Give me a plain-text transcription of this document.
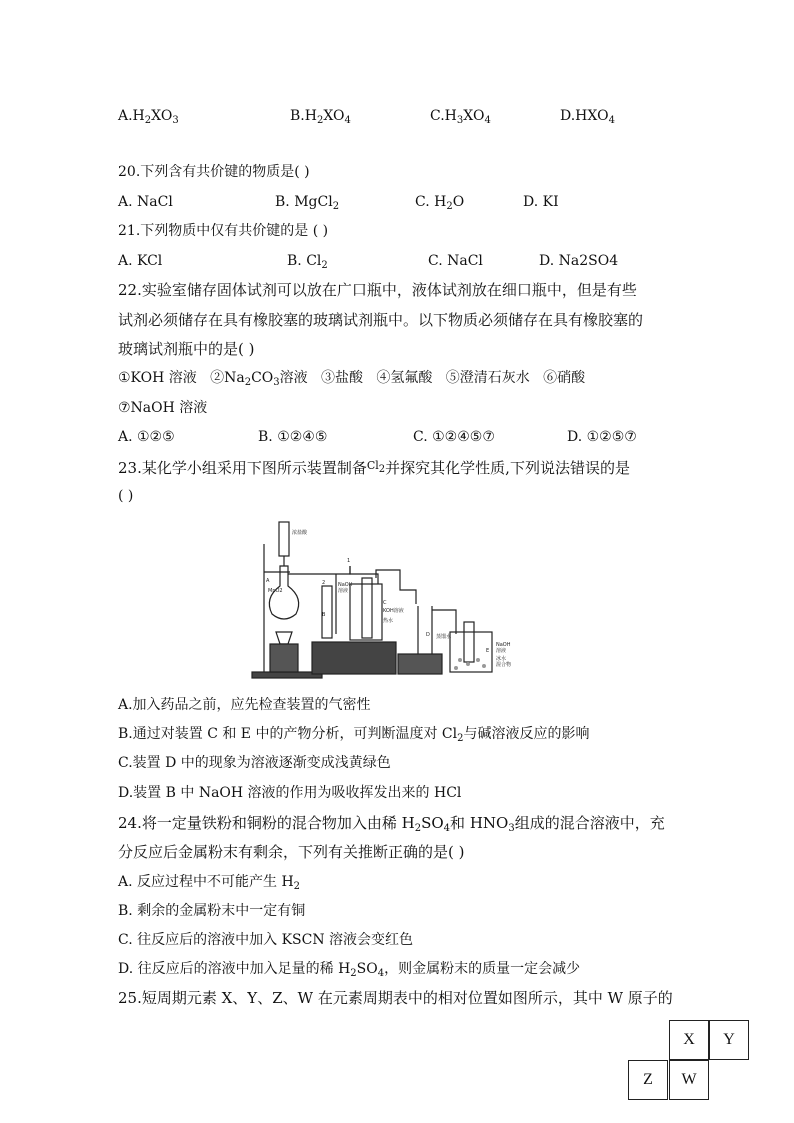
$A.H_2XO_3$	$B.H_2XO_4$	$C.H_3XO_4$	$D.HXO_4$
20.下列含有共价键的物质是( )
A. NaCl	B. MgCl$_2$	C. $H_2O$	D. KI
21.下列物质中仅有共价键的是 ( )
A. KCl	B. $Cl_2$	C. NaCl	D. Na2SO4
22.实验室储存固体试剂可以放在广口瓶中，液体试剂放在细口瓶中，但是有些
试剂必须储存在具有橡胶塞的玻璃试剂瓶中。以下物质必须储存在具有橡胶塞的
玻璃试剂瓶中的是( )
①KOH 溶液   $②Na_2CO_3$溶液   ③盐酸   ④氢氟酸   ⑤澄清石灰水   ⑥硝酸
⑦NaOH 溶液
A. ①②⑤	B. ①②④⑤	C. ①②④⑤⑦	D. ①②⑤⑦
23.某化学小组采用下图所示装置制备$^{Cl_2}$并探究其化学性质,下列说法错误的是
( )
浓盐酸
1
2	NaOH
溶液
MnO2
A
B
C
KOH溶液
热水
D 蒸馏水
E
NaOH
溶液
冰水
混合物
A.加入药品之前，应先检查装置的气密性
B.通过对装置 C 和 E 中的产物分析，可判断温度对 $Cl_2$与碱溶液反应的影响
C.装置 D 中的现象为溶液逐渐变成浅黄绿色
D.装置 B 中 NaOH 溶液的作用为吸收挥发出来的 HCl
24.将一定量铁粉和铜粉的混合物加入由稀 $H_2SO_4$和 $HNO_3$组成的混合溶液中，充
分反应后金属粉末有剩余，下列有关推断正确的是( )
A. 反应过程中不可能产生 $H_2$
B. 剩余的金属粉末中一定有铜
C. 往反应后的溶液中加入 KSCN 溶液会变红色
D. 往反应后的溶液中加入足量的稀 $H_2SO_4$，则金属粉末的质量一定会减少
25.短周期元素 X、Y、Z、W 在元素周期表中的相对位置如图所示，其中 W 原子的
X	Y
Z	W
